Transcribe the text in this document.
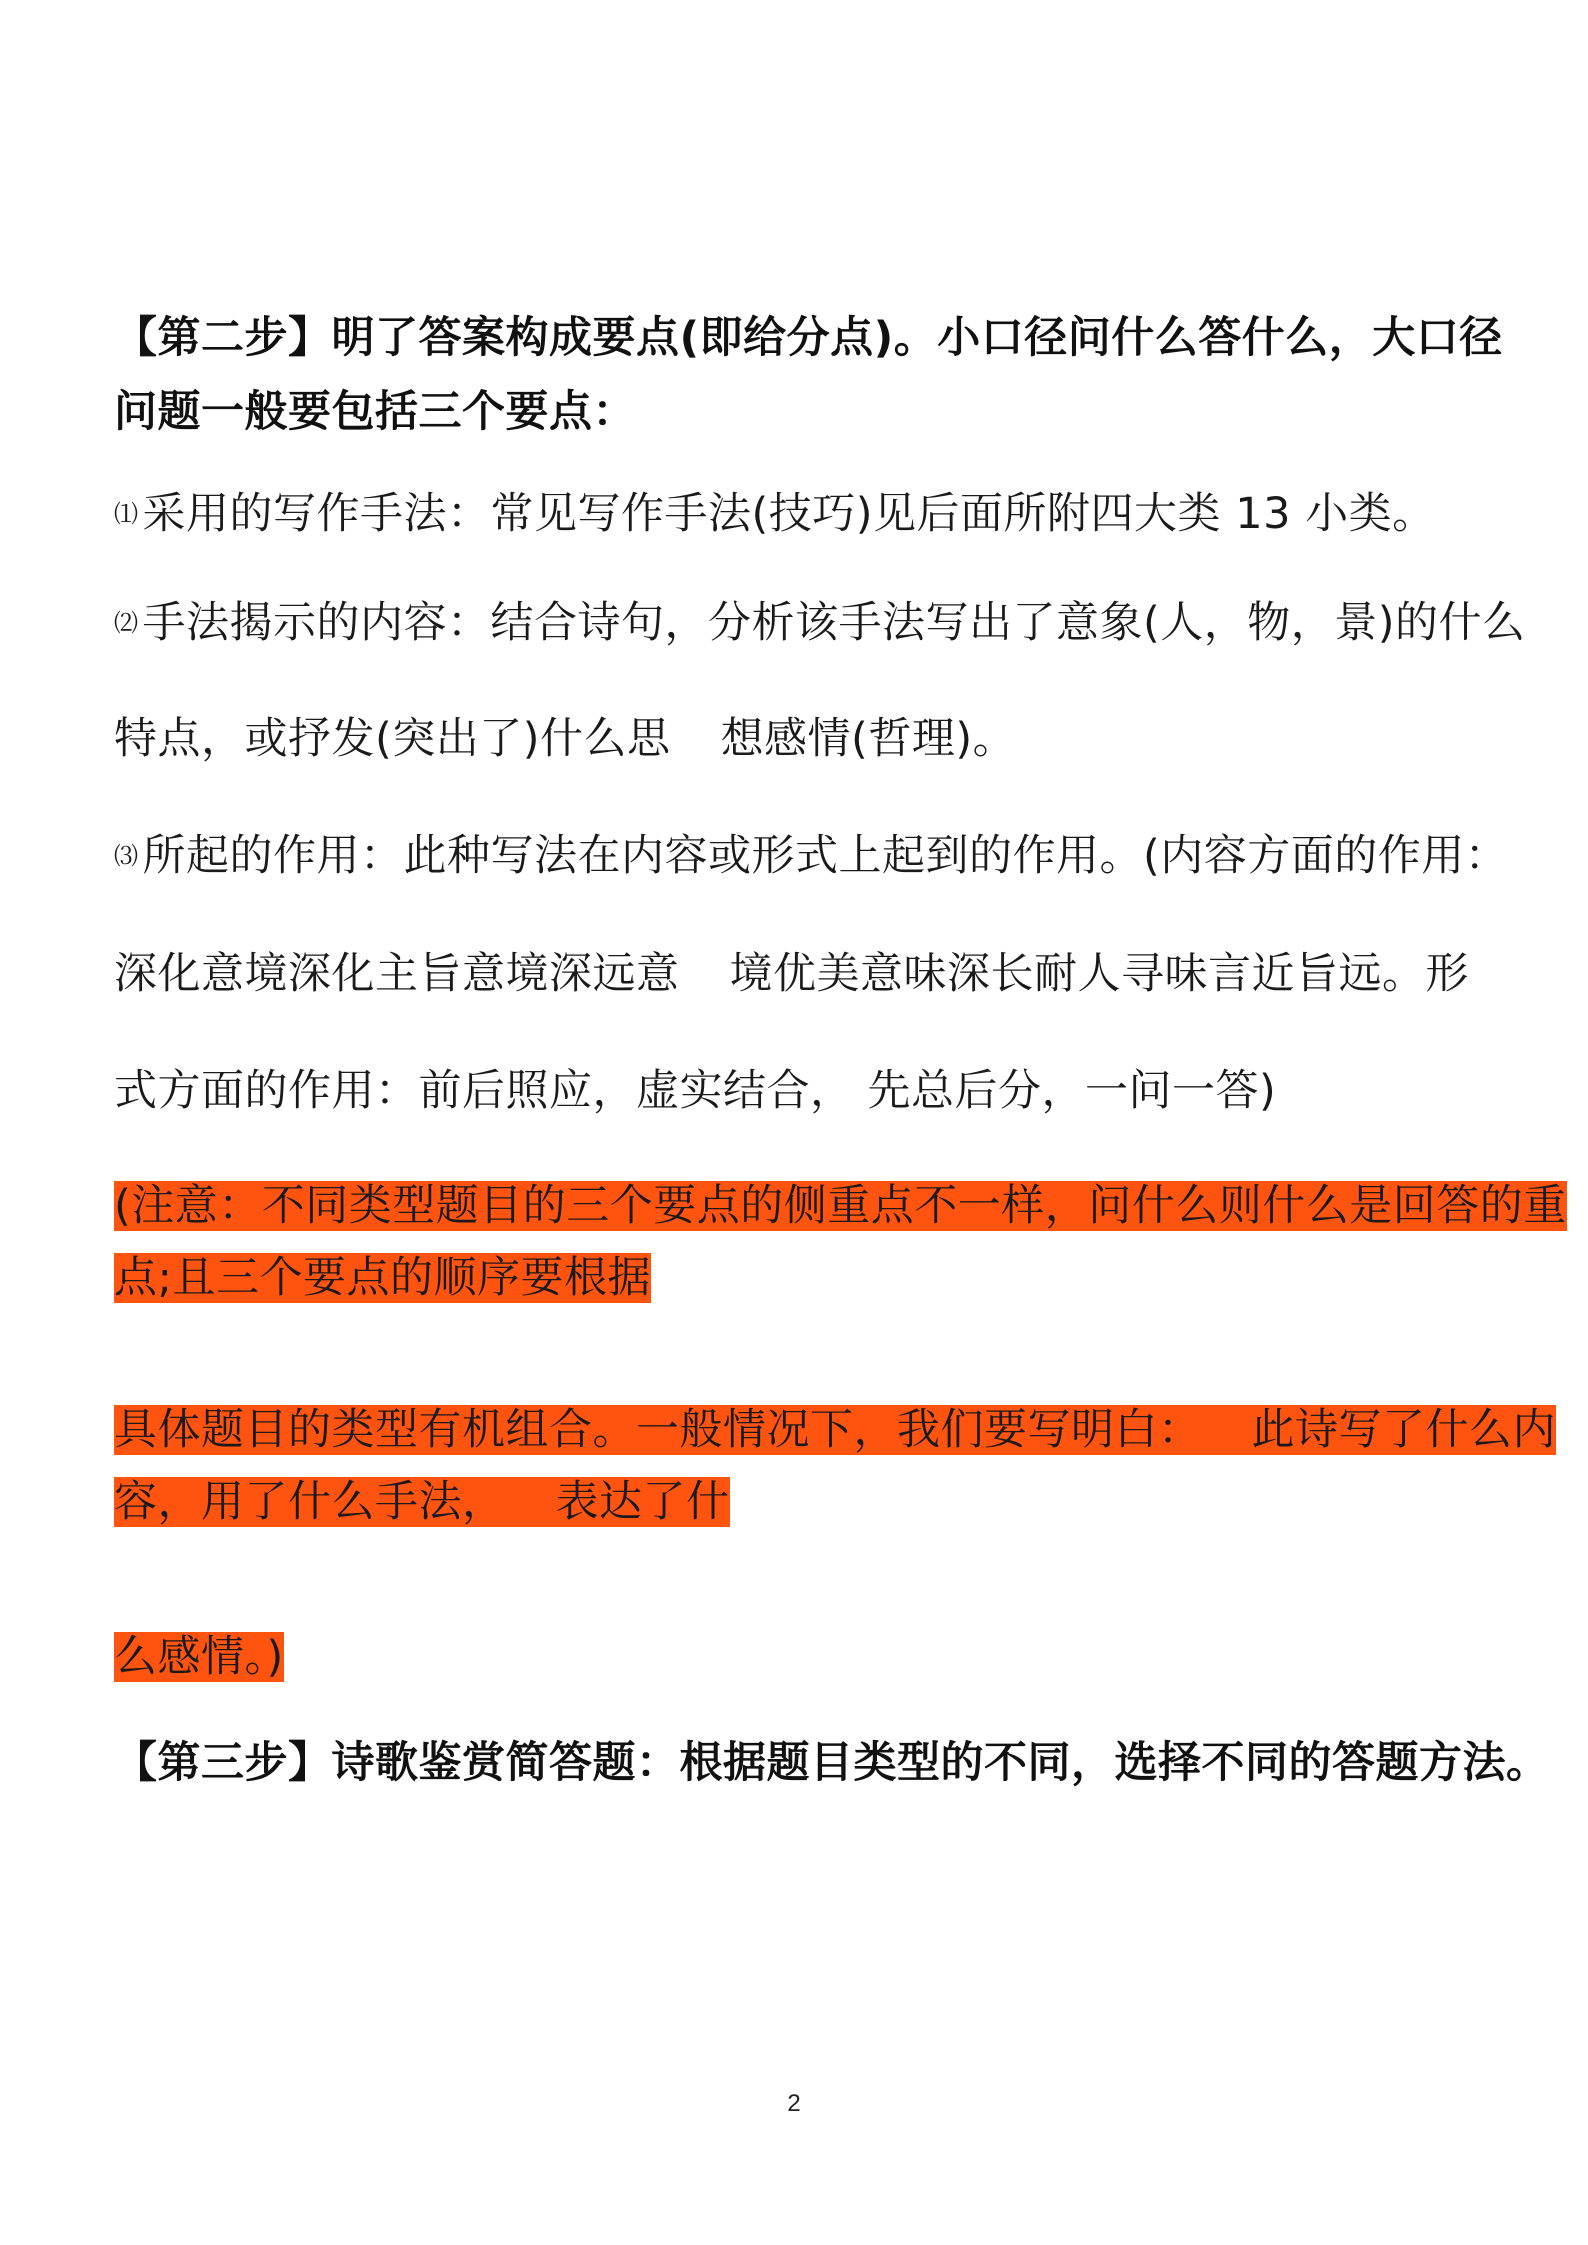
【第二步】明了答案构成要点(即给分点)。小口径问什么答什么，大口径
问题一般要包括三个要点：
⑴采用的写作手法：常见写作手法(技巧)见后面所附四大类 13 小类。
⑵手法揭示的内容：结合诗句，分析该手法写出了意象(人，物，景)的什么
特点，或抒发(突出了)什么思 想感情(哲理)。
⑶所起的作用：此种写法在内容或形式上起到的作用。(内容方面的作用：
深化意境深化主旨意境深远意 境优美意味深长耐人寻味言近旨远。形
式方面的作用：前后照应，虚实结合， 先总后分，一问一答)
(注意：不同类型题目的三个要点的侧重点不一样，问什么则什么是回答的重
点;且三个要点的顺序要根据
具体题目的类型有机组合。一般情况下，我们要写明白： 此诗写了什么内
容，用了什么手法， 表达了什
么感情。)
【第三步】诗歌鉴赏简答题：根据题目类型的不同，选择不同的答题方法。
2
